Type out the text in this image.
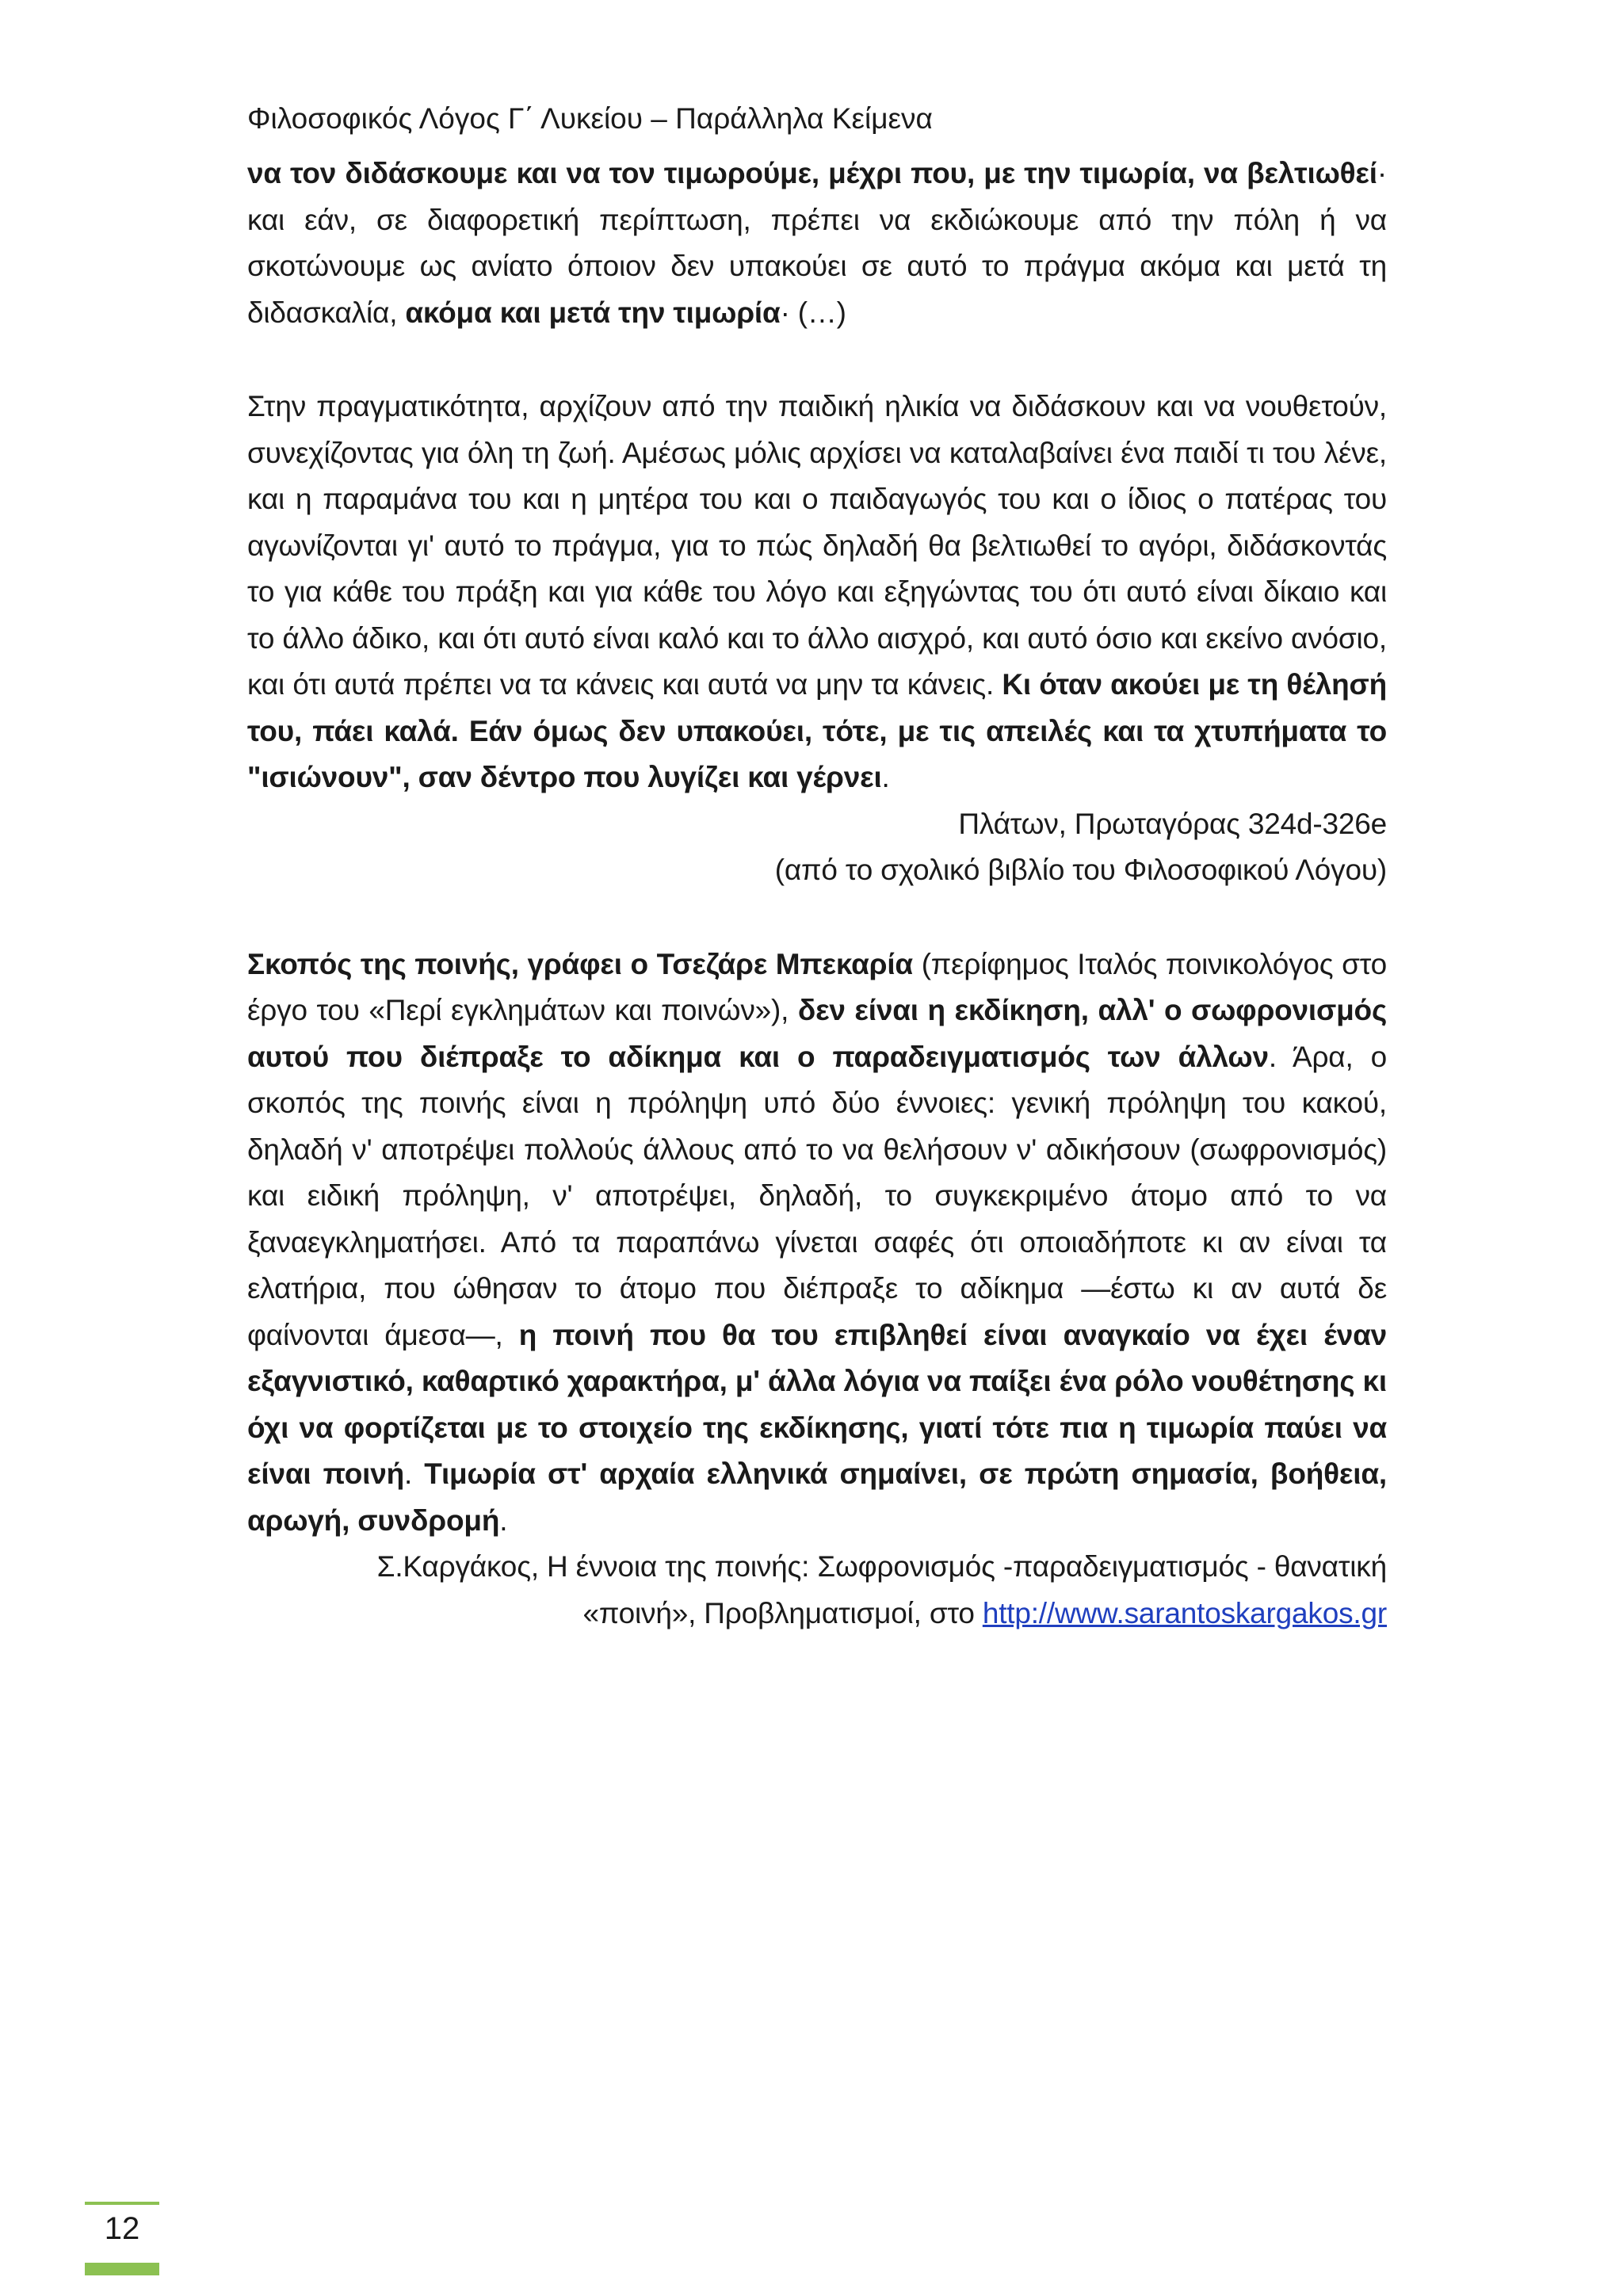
Φιλοσοφικός Λόγος Γ΄ Λυκείου – Παράλληλα Κείμενα

να τον διδάσκουμε και να τον τιμωρούμε, μέχρι που, με την τιμωρία, να βελτιωθεί· και εάν, σε διαφορετική περίπτωση, πρέπει να εκδιώκουμε από την πόλη ή να σκοτώνουμε ως ανίατο όποιον δεν υπακούει σε αυτό το πράγμα ακόμα και μετά τη διδασκαλία, ακόμα και μετά την τιμωρία· (…)

Στην πραγματικότητα, αρχίζουν από την παιδική ηλικία να διδάσκουν και να νουθετούν, συνεχίζοντας για όλη τη ζωή. Αμέσως μόλις αρχίσει να καταλαβαίνει ένα παιδί τι του λένε, και η παραμάνα του και η μητέρα του και ο παιδαγωγός του και ο ίδιος ο πατέρας του αγωνίζονται γι' αυτό το πράγμα, για το πώς δηλαδή θα βελτιωθεί το αγόρι, διδάσκοντάς το για κάθε του πράξη και για κάθε του λόγο και εξηγώντας του ότι αυτό είναι δίκαιο και το άλλο άδικο, και ότι αυτό είναι καλό και το άλλο αισχρό, και αυτό όσιο και εκείνο ανόσιο, και ότι αυτά πρέπει να τα κάνεις και αυτά να μην τα κάνεις. Κι όταν ακούει με τη θέλησή του, πάει καλά. Εάν όμως δεν υπακούει, τότε, με τις απειλές και τα χτυπήματα το "ισιώνουν", σαν δέντρο που λυγίζει και γέρνει.

Πλάτων, Πρωταγόρας 324d-326e

(από το σχολικό βιβλίο του Φιλοσοφικού Λόγου)

Σκοπός της ποινής, γράφει ο Τσεζάρε Μπεκαρία (περίφημος Ιταλός ποινικολόγος στο έργο του «Περί εγκλημάτων και ποινών»), δεν είναι η εκδίκηση, αλλ' ο σωφρονισμός αυτού που διέπραξε το αδίκημα και ο παραδειγματισμός των άλλων. Άρα, ο σκοπός της ποινής είναι η πρόληψη υπό δύο έννοιες: γενική πρόληψη του κακού, δηλαδή ν' αποτρέψει πολλούς άλλους από το να θελήσουν ν' αδικήσουν (σωφρονισμός) και ειδική πρόληψη, ν' αποτρέψει, δηλαδή, το συγκεκριμένο άτομο από το να ξαναεγκληματήσει. Από τα παραπάνω γίνεται σαφές ότι οποιαδήποτε κι αν είναι τα ελατήρια, που ώθησαν το άτομο που διέπραξε το αδίκημα —έστω κι αν αυτά δε φαίνονται άμεσα—, η ποινή που θα του επιβληθεί είναι αναγκαίο να έχει έναν εξαγνιστικό, καθαρτικό χαρακτήρα, μ' άλλα λόγια να παίξει ένα ρόλο νουθέτησης κι όχι να φορτίζεται με το στοιχείο της εκδίκησης, γιατί τότε πια η τιμωρία παύει να είναι ποινή. Τιμωρία στ' αρχαία ελληνικά σημαίνει, σε πρώτη σημασία, βοήθεια, αρωγή, συνδρομή.

Σ.Καργάκος, Η έννοια της ποινής: Σωφρονισμός -παραδειγματισμός - θανατική

«ποινή», Προβληματισμοί, στο http://www.sarantoskargakos.gr

12
